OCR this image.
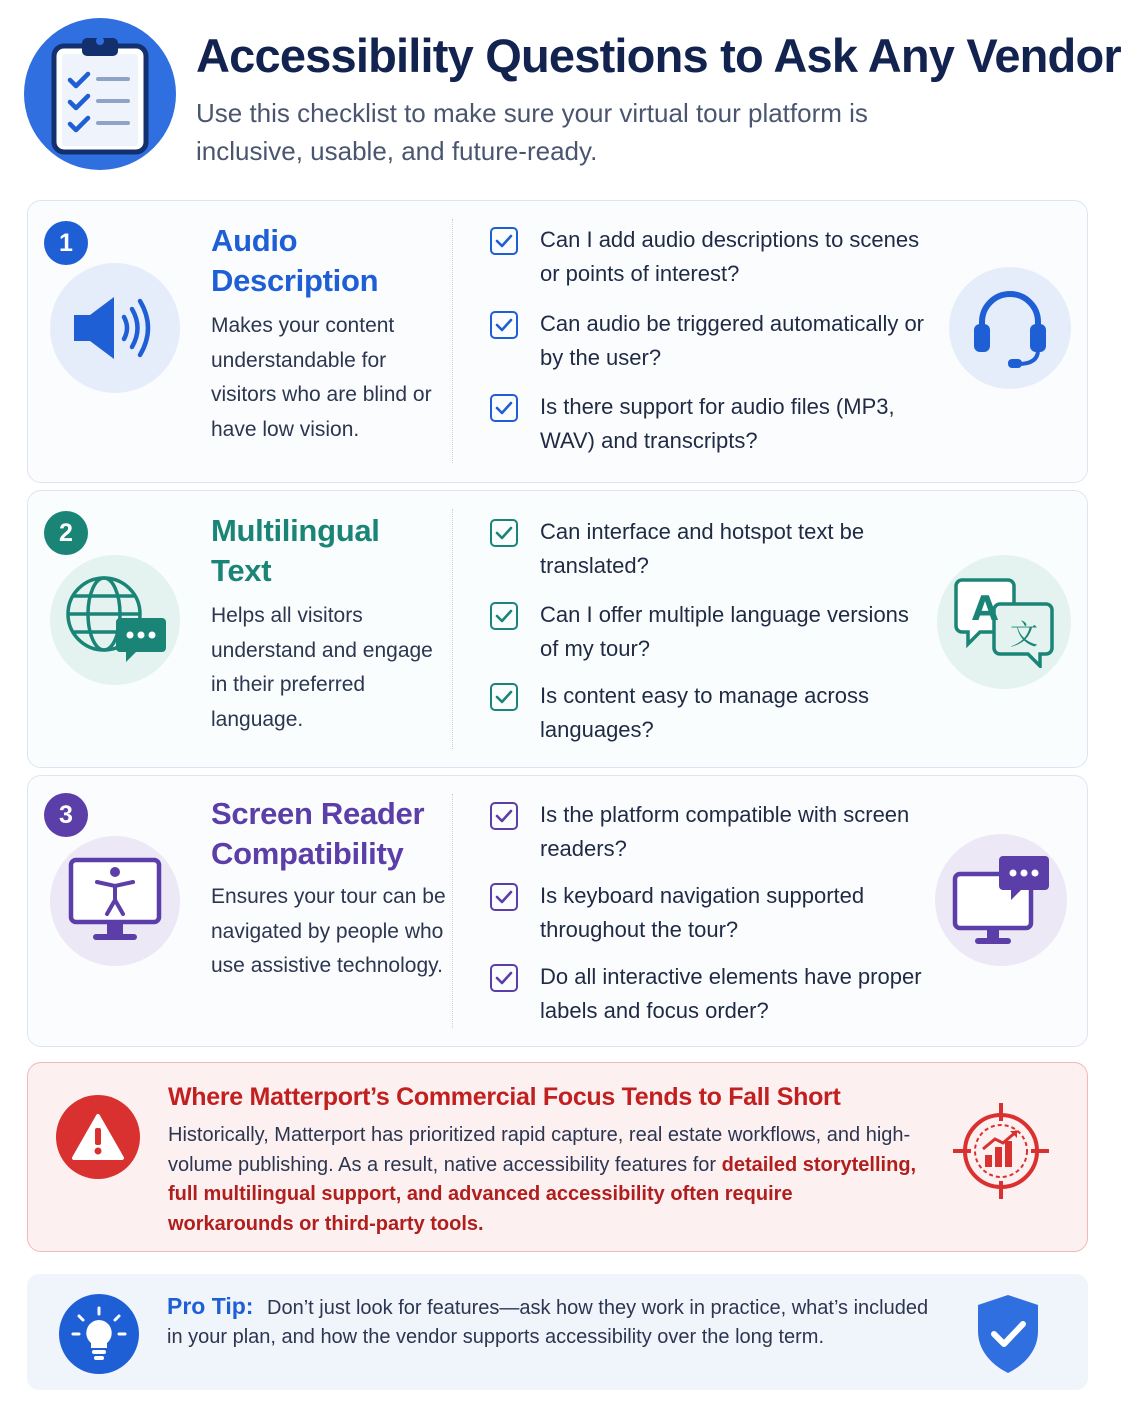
Accessibility Questions to Ask Any Vendor

Use this checklist to make sure your virtual tour platform is inclusive, usable, and future-ready.

1	Audio
Description

Makes your content understandable for visitors who are blind or have low vision.

Can I add audio descriptions to scenes or points of interest?
Can audio be triggered automatically or by the user?
Is there support for audio files (MP3, WAV) and transcripts?
2	Multilingual
Text

Helps all visitors understand and engage in their preferred language.

Can interface and hotspot text be translated?
Can I offer multiple language versions of my tour?
Is content easy to manage across languages?
A
文
3	Screen Reader
Compatibility

Ensures your tour can be navigated by people who use assistive technology.

Is the platform compatible with screen readers?
Is keyboard navigation supported throughout the tour?
Do all interactive elements have proper labels and focus order?
Where Matterport’s Commercial Focus Tends to Fall Short

Historically, Matterport has prioritized rapid capture, real estate workflows, and high-volume publishing. As a result, native accessibility features for detailed storytelling, full multilingual support, and advanced accessibility often require workarounds or third-party tools.

Pro Tip: Don’t just look for features—ask how they work in practice, what’s included in your plan, and how the vendor supports accessibility over the long term.
